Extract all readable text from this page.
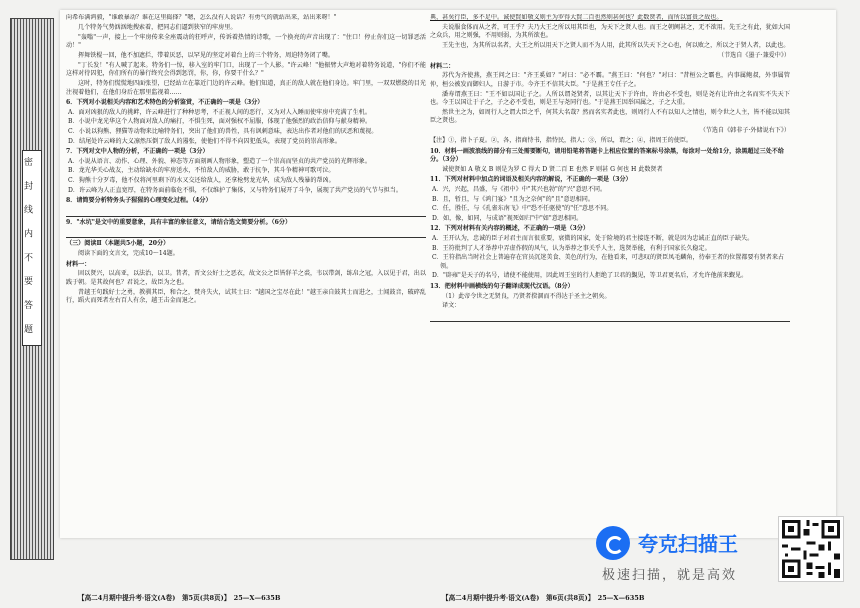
密 封 线 内 不 要 答 题

向希布满鸿毅，"谁敢暴动？谁在这里捣择？"嗯，怎么没有人说话？有勇气的就站出来，站出来呀！"

几个特务气势汹汹地搜索着，把同志们逼到狭窄的牢房里。

"轰嗡"一声，接上一个牢房传来全座震动的狂呼声，传诉着热情的诗歌，一个换亮的声音出现了："住口！停止你们这一切罪恶活动！"

挥舞铁棍一回，他不加遮拦，带着厌恶，以罕见的坚定对着台上的三个特务，周迫特务闭了嘴。

"丁长发！"有人喊了起来。特务们一惊，移入室的牢门口，出现了一个人影。"许云峰！"他振臂大声地对着特务说道，"你们不能这样对待囚犯，你们所有的暴行终究会得到惩罚，你，你，你要干什么？"

这时，特务们慌慌地四面张望，已经站立在靠近门边的许云峰。他们知道，真正的敌人就在他们身边。牢门里，一双双燃烧的目光注视着他们，在他们身后在那里监视着……

6．下列对小说相关内容和艺术特色的分析鉴赏，不正确的一项是（3分）
A．面对凶狠的敌人的挑衅，许云峰进行了种种思考，不正视人间的恶行，又为对人入睡而使牢房中充满了生机。
B．小说中龙光华这个人物面对敌人的痛打，不惧生死，面对强权不屈服，体现了他强烈的政治信仰与献身精神。
C．小说以狗熊、狸猫等动物来比喻特务们，突出了他们的兽性，具有讽刺意味，表达出作者对他们的厌恶和蔑视。
D．结尾处许云峰的大义凛然压倒了敌人的嚣张，使他们不得不向囚犯低头，表现了党员的崇高形象。
7．下列对文中人物的分析，不正确的一项是（3分）
A．小说从语言、动作、心理、外貌、神态等方面刻画人物形象，塑造了一个崇高而坚贞的共产党员的光辉形象。
B．龙光华关心战友，主动给缺水的牢房送水，不怕敌人的威胁，敢于抗争，其斗争精神可歌可泣。
C．狗熊十分歹毒，他不仅将河里剩下的水又交还给敌人，还拿枪劈龙光华，成为敌人残暴的帮凶。
D．许云峰为人正直宽厚，在特务面前临危不惧，不仅维护了集体，又与特务们展开了斗争，展现了共产党员的气节与担当。
8．请简要分析特务头子猩猩的心理变化过程。（4分）
9．"水坑"是文中的重要意象，具有丰富的象征意义，请结合选文简要分析。（6分）
（三）阅读Ⅱ（本题共5小题，20分）

阅读下面的文言文，完成10～14题。

材料一：

固以贤兴，以高亚，以法治，以卫。昔者，晋文公好士之恶衣，故文公之臣皆牂羊之裘，韦以带剑，练帛之冠，入以见于君，出以践于朝。是其故何也？君说之，故臣为之也。

昔越王句践好士之勇，教驯其臣，和合之，焚舟失火，试其士曰："越国之宝尽在此！"越王亲自鼓其士而进之，士闻鼓音，破碎乱行，蹈火而死者左右百人有余，越王击金而退之。

【高二4月期中提升考·语文(A卷)　第5页(共8页)】　25—X—635B

典，甚矣行臣，多不足中。诚使賢如敬义则主为罗得大賢二百也然则甚何也？此数贤者，而所以富贵之故也。

夫说服食体而从之者，可王乎？夫乃大王之所以用其臣也，为天下之贤人也。而王之朝阙甚之，无不欲用。先王之有此，犹如大国之众兵，用之则强，不用则弱，为其所欲也。

王先主也，为其所以名者，大王之所以用天下之贤人而不为人用，此其所以失天下之心也，何以败之，所以之于贤人者，以此也。

（节选自《墨子·兼爱中》）

材料二：

苏代为齐使燕，燕王问之曰："齐王奚如？"对曰："必不霸。"燕王曰："何也？"对曰："昔桓公之霸也，内事属鲍叔，外事属管仲，桓公被发而御妇人，日游于市。今齐王不信其大臣。"于是燕王专任子之。

潘寿谓燕王曰："王不如以国让子之。人所以谓尧贤者，以其让天下于许由，许由必不受也，则是尧有让许由之名而实不失天下也。今王以国让于子之，子之必不受也，则是王与尧同行也。"于是燕王因举国属之，子之大重。

然世主之为，如周行人之谓大臣之乎，何其大名哉？然而名实者此也，则周行人不有以知人之情也，则令世之人主，皆不能以知其臣之贤也。

（节选自《韩非子·外储说右下》）

【注】①，指卜子夏。②，各，指商恃书，指恃民，指人；③，所以，谓之；④，指周王的使臣。

10．材料一画波浪线的部分有三处需要断句，请用铅笔将答题卡上相应位置的答案标号涂黑，每涂对一处给1分，涂黑超过三处不给分。（3分）

诚使贤如 A 敬义 B 则是为罗 C 得大 D 贤二百 E 也然 F 则甚 G 何也 H 此数贤者

11．下列对材料中加点的词语及相关内容的解说，不正确的一项是（3分）
A．兴，兴起，昌盛，与《祖中》中"其兴也勃"的"兴"意思不同。
B．且，暂且，与《鸿门宴》"且为之奈何"的"且"意思相同。
C．任，胜任，与《孔雀东南飞》中"恐不任驱使"的"任"意思不同。
D．如，像，如同，与成语"视死如归"中"如"意思相同。
12．下列对材料有关内容的概述，不正确的一项是（3分）
A．王开认为，忠诚的臣子对君主而言很重要，衰微的国家，处于险境的君主接连不断，就是因为忠诚正直的臣子缺失。
B．王符批判了人才举荐中弄虚作假的风气，认为举荐之事关乎人主，选贤举能，有利于国家长久稳定。
C．王符指出当时社会上普遍存在官员沉迷美食、美色的行为，在他看来，可悲叹的贤臣凤毛麟角，待奉王者的位置都要有贤者来占领。
D．"辟雍"是天子的名号，请使不能使用，因此周王室的行人拒绝了卫君的覲见，等卫君更名后，才允许他前来觐见。
13．把材料中画横线的句子翻译成现代汉语。（8分）

（1）此帝令世之无贤良，乃贤者揆涸而不得达于圣主之朝矣。

译文：

【高二4月期中提升考·语文(A卷)　第6页(共8页)】　25—X—635B
夸克扫描王
极速扫描，就是高效
